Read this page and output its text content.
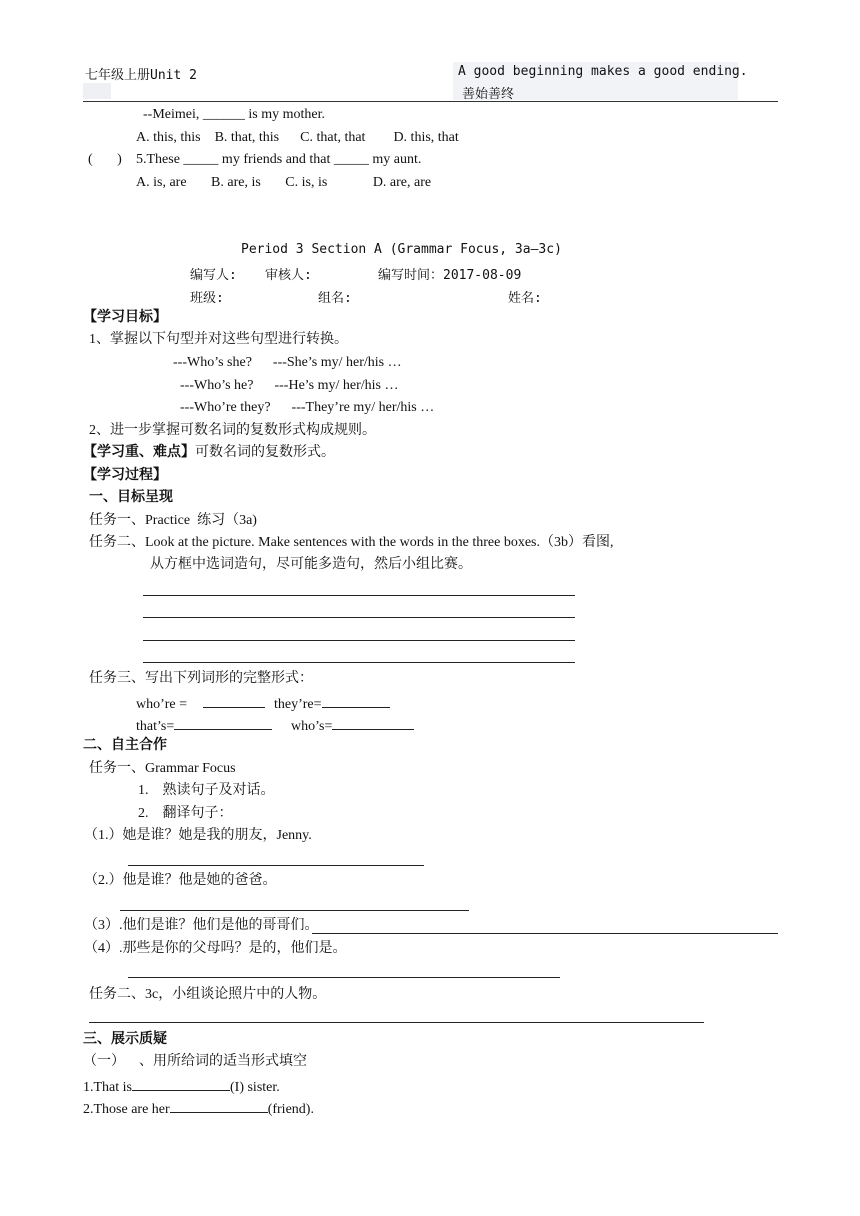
七年级上册Unit 2	A good beginning makes a good ending.
善始善终
--Meimei, ______ is my mother.
A. this, this    B. that, this      C. that, that        D. this, that
(       ) 5.These _____ my friends and that _____ my aunt.
A. is, are       B. are, is       C. is, is             D. are, are
Period 3 Section A (Grammar Focus, 3a—3c)
编写人: 审核人:	编写时间：2017-08-09
班级:	组名:	姓名:
【学习目标】
1、掌握以下句型并对这些句型进行转换。
---Who’s she?      ---She’s my/ her/his …
---Who’s he?      ---He’s my/ her/his …
---Who’re they?      ---They’re my/ her/his …
2、进一步掌握可数名词的复数形式构成规则。
【学习重、难点】可数名词的复数形式。
【学习过程】
一、目标呈现
任务一、Practice  练习（3a)
任务二、Look at the picture. Make sentences with the words in the three boxes.（3b）看图,
从方框中选词造句，尽可能多造句，然后小组比赛。
任务三、写出下列词形的完整形式：
who’re =	they’re=
that’s=	who’s=
二、自主合作
任务一、Grammar Focus
1.    熟读句子及对话。
2.    翻译句子：
（1.）她是谁？她是我的朋友，Jenny.
（2.）他是谁？他是她的爸爸。
（3）.他们是谁？他们是他的哥哥们。
（4）.那些是你的父母吗？是的，他们是。
任务二、3c，小组谈论照片中的人物。
三、展示质疑
（一）    、用所给词的适当形式填空
1.That is	(I) sister.
2.Those are her	(friend).
